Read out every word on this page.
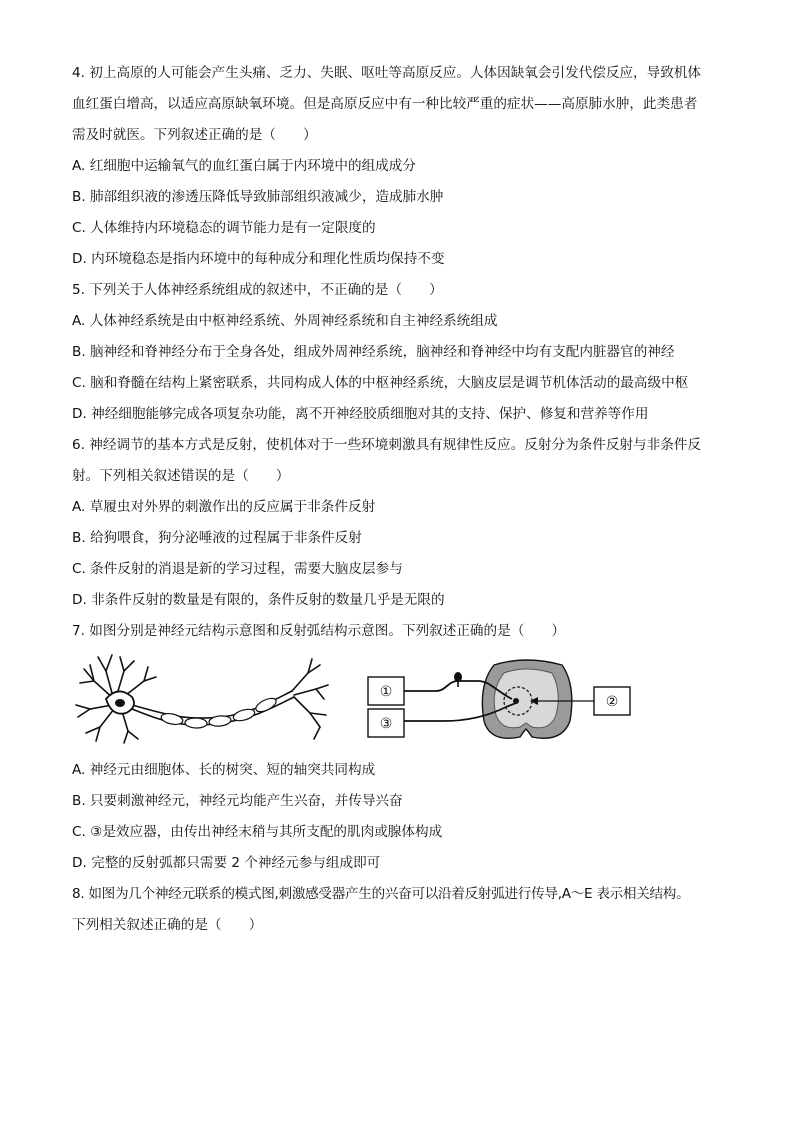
4. 初上高原的人可能会产生头痛、乏力、失眠、呕吐等高原反应。人体因缺氧会引发代偿反应，导致机体
血红蛋白增高，以适应高原缺氧环境。但是高原反应中有一种比较严重的症状——高原肺水肿，此类患者
需及时就医。下列叙述正确的是（　　）
A. 红细胞中运输氧气的血红蛋白属于内环境中的组成成分
B. 肺部组织液的渗透压降低导致肺部组织液减少，造成肺水肿
C. 人体维持内环境稳态的调节能力是有一定限度的
D. 内环境稳态是指内环境中的每种成分和理化性质均保持不变
5. 下列关于人体神经系统组成的叙述中，不正确的是（　　）
A. 人体神经系统是由中枢神经系统、外周神经系统和自主神经系统组成
B. 脑神经和脊神经分布于全身各处，组成外周神经系统，脑神经和脊神经中均有支配内脏器官的神经
C. 脑和脊髓在结构上紧密联系，共同构成人体的中枢神经系统，大脑皮层是调节机体活动的最高级中枢
D. 神经细胞能够完成各项复杂功能，离不开神经胶质细胞对其的支持、保护、修复和营养等作用
6. 神经调节的基本方式是反射，使机体对于一些环境刺激具有规律性反应。反射分为条件反射与非条件反
射。下列相关叙述错误的是（　　）
A. 草履虫对外界的刺激作出的反应属于非条件反射
B. 给狗喂食，狗分泌唾液的过程属于非条件反射
C. 条件反射的消退是新的学习过程，需要大脑皮层参与
D. 非条件反射的数量是有限的，条件反射的数量几乎是无限的
7. 如图分别是神经元结构示意图和反射弧结构示意图。下列叙述正确的是（　　）
①
③
②
A. 神经元由细胞体、长的树突、短的轴突共同构成
B. 只要刺激神经元，神经元均能产生兴奋，并传导兴奋
C. ③是效应器，由传出神经末稍与其所支配的肌肉或腺体构成
D. 完整的反射弧都只需要 2 个神经元参与组成即可
8. 如图为几个神经元联系的模式图,刺激感受器产生的兴奋可以沿着反射弧进行传导,A～E 表示相关结构。
下列相关叙述正确的是（　　）
